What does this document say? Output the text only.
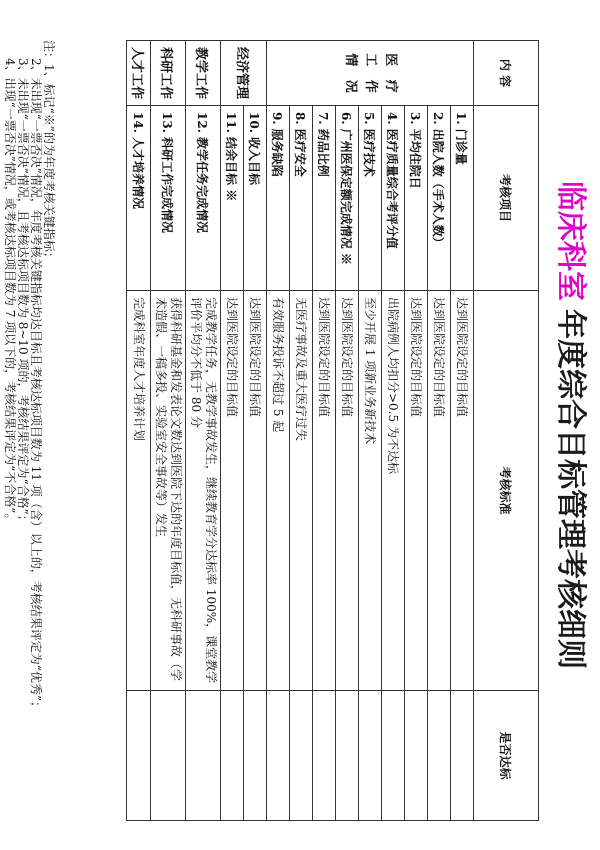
临床科室年度综合目标管理考核细则
内 容	考核项目	考核标准	是否达标
医   疗
工   作
情   况	1. 门诊量	达到医院设定的目标值	
	2. 出院人数（手术人数）	达到医院设定的目标值	
	3. 平均住院日	达到医院设定的目标值	
	4. 医疗质量综合考评分值	出院病例人均扣分>0.5 为不达标	
	5. 医疗技术	至少开展 1 项新业务新技术	
	6. 广州医保定额完成情况 ※	达到医院设定的目标值	
	7. 药品比例	达到医院设定的目标值	
	8. 医疗安全	无医疗事故及重大医疗过失	
	9. 服务缺陷	有效服务投诉不超过 5 起	
经济管理	10. 收入目标	达到医院设定的目标值	
	11. 结余目标 ※	达到医院设定的目标值	
教学工作	12. 教学任务完成情况	完成教学任务，无教学事故发生，继续教育学分达标率 100%，课堂教学评价平均分不低于 80 分	
科研工作	13. 科研工作完成情况	获得科研基金和发表论文数达到医院下达的年度目标值，无科研事故（学术造假、一稿多投、实验室安全事故等）发生	
人才工作	14. 人才培养情况	完成科室年度人才培养计划	
注：1、标记“※”的为年度考核关键指标；
2、未出现“一票否决”情况，年度考核关键指标均达目标且考核达标项目数为 11 项（含）以上的，考核结果评定为“优秀”；
3、未出现“一票否决”情况，且考核达标项目数为 8~10 项的，考核结果评定为“合格”；
4、出现“一票否决”情况，或考核达标项目数为 7 项以下的，考核结果评定为“不合格”。
